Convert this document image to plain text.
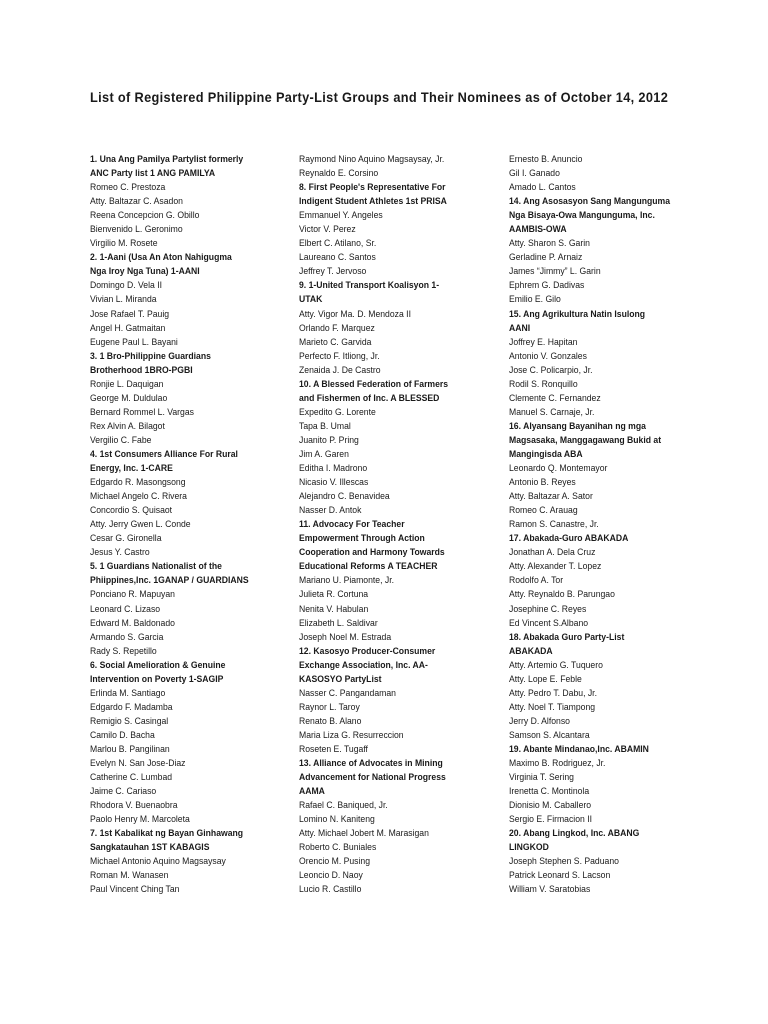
List of Registered Philippine Party-List Groups and Their Nominees as of October 14, 2012
1. Una Ang Pamilya Partylist formerly
ANC Party list 1 ANG PAMILYA
Romeo C. Prestoza
Atty. Baltazar C. Asadon
Reena Concepcion G. Obillo
Bienvenido L. Geronimo
Virgilio M. Rosete
2. 1-Aani (Usa An Aton Nahigugma
Nga Iroy Nga Tuna) 1-AANI
Domingo D. Vela II
Vivian L. Miranda
Jose Rafael T. Pauig
Angel H. Gatmaitan
Eugene Paul L. Bayani
3. 1 Bro-Philippine Guardians
Brotherhood 1BRO-PGBI
Ronjie L. Daquigan
George M. Duldulao
Bernard Rommel L. Vargas
Rex Alvin A. Bilagot
Vergilio C. Fabe
4. 1st Consumers Alliance For Rural
Energy, Inc. 1-CARE
Edgardo R. Masongsong
Michael Angelo C. Rivera
Concordio S. Quisaot
Atty. Jerry Gwen L. Conde
Cesar G. Gironella
Jesus Y. Castro
5. 1 Guardians Nationalist of the
Phiippines,Inc. 1GANAP / GUARDIANS
Ponciano R. Mapuyan
Leonard C. Lizaso
Edward M. Baldonado
Armando S. Garcia
Rady S. Repetillo
6. Social Amelioration & Genuine
Intervention on Poverty 1-SAGIP
Erlinda M. Santiago
Edgardo F. Madamba
Remigio S. Casingal
Camilo D. Bacha
Marlou B. Pangilinan
Evelyn N. San Jose-Diaz
Catherine C. Lumbad
Jaime C. Cariaso
Rhodora V. Buenaobra
Paolo Henry M. Marcoleta
7. 1st Kabalikat ng Bayan Ginhawang
Sangkatauhan 1ST KABAGIS
Michael Antonio Aquino Magsaysay
Roman M. Wanasen
Paul Vincent Ching Tan
Raymond Nino Aquino Magsaysay, Jr.
Reynaldo E. Corsino
8. First People's Representative For
Indigent Student Athletes 1st PRISA
Emmanuel Y. Angeles
Victor V. Perez
Elbert C. Atilano, Sr.
Laureano C. Santos
Jeffrey T. Jervoso
9. 1-United Transport Koalisyon 1-
UTAK
Atty. Vigor Ma. D. Mendoza II
Orlando F. Marquez
Marieto C. Garvida
Perfecto F. Itliong, Jr.
Zenaida J. De Castro
10. A Blessed Federation of Farmers
and Fishermen of Inc. A BLESSED
Expedito G. Lorente
Tapa B. Umal
Juanito P. Pring
Jim A. Garen
Editha I. Madrono
Nicasio V. Illescas
Alejandro C. Benavidea
Nasser D. Antok
11. Advocacy For Teacher
Empowerment Through Action
Cooperation and Harmony Towards
Educational Reforms A TEACHER
Mariano U. Piamonte, Jr.
Julieta R. Cortuna
Nenita V. Habulan
Elizabeth L. Saldivar
Joseph Noel M. Estrada
12. Kasosyo Producer-Consumer
Exchange Association, Inc. AA-
KASOSYO PartyList
Nasser C. Pangandaman
Raynor L. Taroy
Renato B. Alano
Maria Liza G. Resurreccion
Roseten E. Tugaff
13. Alliance of Advocates in Mining
Advancement for National Progress
AAMA
Rafael C. Baniqued, Jr.
Lomino N. Kaniteng
Atty. Michael Jobert M. Marasigan
Roberto C. Buniales
Orencio M. Pusing
Leoncio D. Naoy
Lucio R. Castillo
Ernesto B. Anuncio
Gil I. Ganado
Amado L. Cantos
14. Ang Asosasyon Sang Mangunguma
Nga Bisaya-Owa Mangunguma, Inc.
AAMBIS-OWA
Atty. Sharon S. Garin
Gerladine P. Arnaiz
James “Jimmy” L. Garin
Ephrem G. Dadivas
Emilio E. Gilo
15. Ang Agrikultura Natin Isulong
AANI
Joffrey E. Hapitan
Antonio V. Gonzales
Jose C. Policarpio, Jr.
Rodil S. Ronquillo
Clemente C. Fernandez
Manuel S. Carnaje, Jr.
16. Alyansang Bayanihan ng mga
Magsasaka, Manggagawang Bukid at
Mangingisda ABA
Leonardo Q. Montemayor
Antonio B. Reyes
Atty. Baltazar A. Sator
Romeo C. Arauag
Ramon S. Canastre, Jr.
17. Abakada-Guro ABAKADA
Jonathan A. Dela Cruz
Atty. Alexander T. Lopez
Rodolfo A. Tor
Atty. Reynaldo B. Parungao
Josephine C. Reyes
Ed Vincent S.Albano
18. Abakada Guro Party-List
ABAKADA
Atty. Artemio G. Tuquero
Atty. Lope E. Feble
Atty. Pedro T. Dabu, Jr.
Atty. Noel T. Tiampong
Jerry D. Alfonso
Samson S. Alcantara
19. Abante Mindanao,Inc. ABAMIN
Maximo B. Rodriguez, Jr.
Virginia T. Sering
Irenetta C. Montinola
Dionisio M. Caballero
Sergio E. Firmacion II
20. Abang Lingkod, Inc. ABANG
LINGKOD
Joseph Stephen S. Paduano
Patrick Leonard S. Lacson
William V. Saratobias
